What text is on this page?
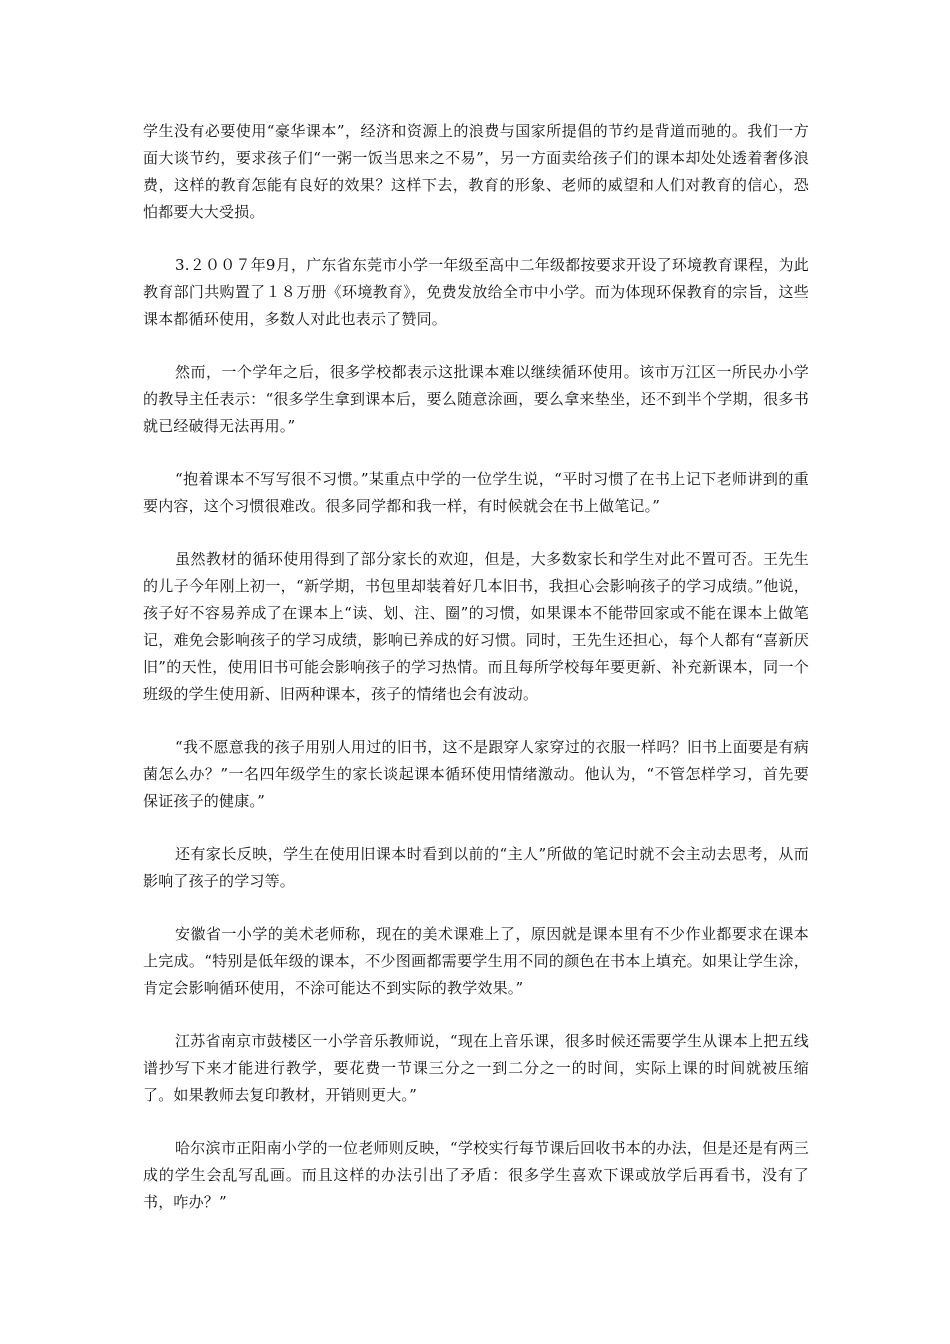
学生没有必要使用“豪华课本”，经济和资源上的浪费与国家所提倡的节约是背道而驰的。我们一方面大谈节约，要求孩子们“一粥一饭当思来之不易”，另一方面卖给孩子们的课本却处处透着奢侈浪费，这样的教育怎能有良好的效果？这样下去，教育的形象、老师的威望和人们对教育的信心，恐怕都要大大受损。

3.２００７年9月，广东省东莞市小学一年级至高中二年级都按要求开设了环境教育课程，为此教育部门共购置了１８万册《环境教育》，免费发放给全市中小学。而为体现环保教育的宗旨，这些课本都循环使用，多数人对此也表示了赞同。

然而，一个学年之后，很多学校都表示这批课本难以继续循环使用。该市万江区一所民办小学的教导主任表示：“很多学生拿到课本后，要么随意涂画，要么拿来垫坐，还不到半个学期，很多书就已经破得无法再用。”

“抱着课本不写写很不习惯。”某重点中学的一位学生说，“平时习惯了在书上记下老师讲到的重要内容，这个习惯很难改。很多同学都和我一样，有时候就会在书上做笔记。”

虽然教材的循环使用得到了部分家长的欢迎，但是，大多数家长和学生对此不置可否。王先生的儿子今年刚上初一，“新学期，书包里却装着好几本旧书，我担心会影响孩子的学习成绩。”他说，孩子好不容易养成了在课本上“读、划、注、圈”的习惯，如果课本不能带回家或不能在课本上做笔记，难免会影响孩子的学习成绩，影响已养成的好习惯。同时，王先生还担心，每个人都有“喜新厌旧”的天性，使用旧书可能会影响孩子的学习热情。而且每所学校每年要更新、补充新课本，同一个班级的学生使用新、旧两种课本，孩子的情绪也会有波动。

“我不愿意我的孩子用别人用过的旧书，这不是跟穿人家穿过的衣服一样吗？旧书上面要是有病菌怎么办？”一名四年级学生的家长谈起课本循环使用情绪激动。他认为，“不管怎样学习，首先要保证孩子的健康。”

还有家长反映，学生在使用旧课本时看到以前的“主人”所做的笔记时就不会主动去思考，从而影响了孩子的学习等。

安徽省一小学的美术老师称，现在的美术课难上了，原因就是课本里有不少作业都要求在课本上完成。“特别是低年级的课本，不少图画都需要学生用不同的颜色在书本上填充。如果让学生涂，肯定会影响循环使用，不涂可能达不到实际的教学效果。”

江苏省南京市鼓楼区一小学音乐教师说，“现在上音乐课，很多时候还需要学生从课本上把五线谱抄写下来才能进行教学，要花费一节课三分之一到二分之一的时间，实际上课的时间就被压缩了。如果教师去复印教材，开销则更大。”

哈尔滨市正阳南小学的一位老师则反映，“学校实行每节课后回收书本的办法，但是还是有两三成的学生会乱写乱画。而且这样的办法引出了矛盾：很多学生喜欢下课或放学后再看书，没有了书，咋办？”
